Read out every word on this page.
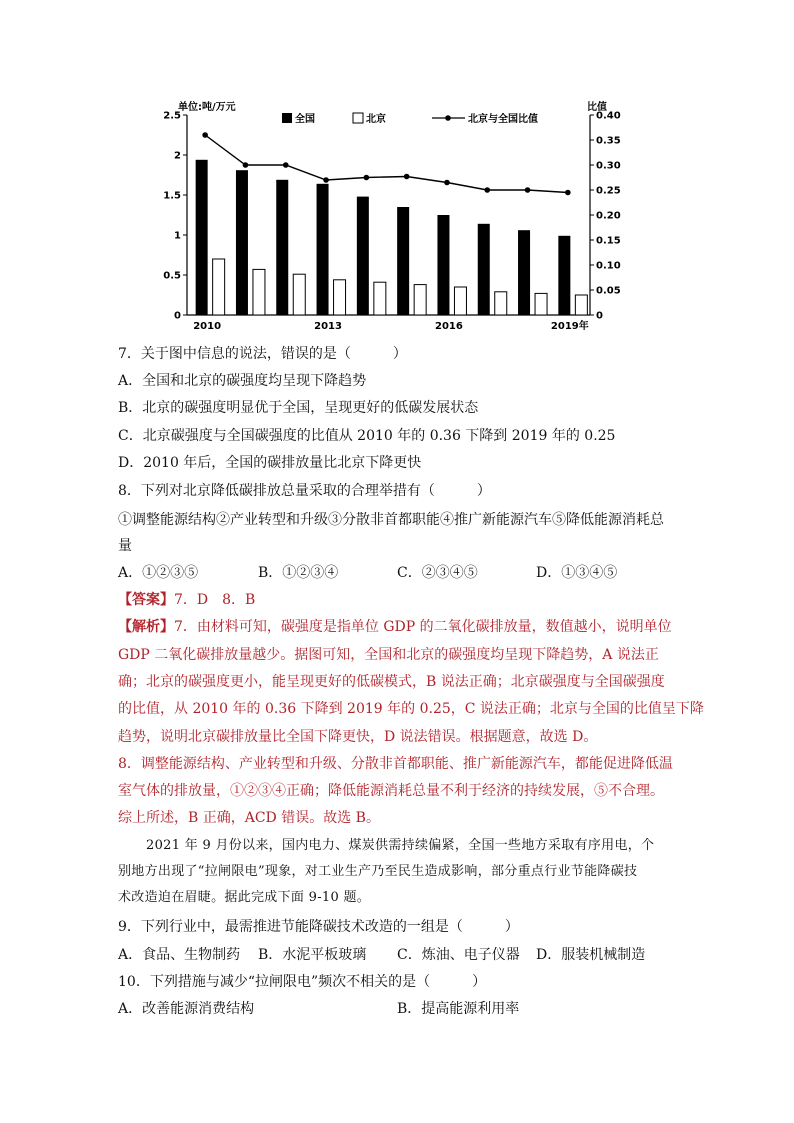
0
0.5
1
1.5
2
2.5
0
0.05
0.10
0.15
0.20
0.25
0.30
0.35
0.40
2010	2013	2016	2019年
单位:吨/万元	比值
全国	北京	北京与全国比值
7．关于图中信息的说法，错误的是（　　　）
A．全国和北京的碳强度均呈现下降趋势
B．北京的碳强度明显优于全国，呈现更好的低碳发展状态
C．北京碳强度与全国碳强度的比值从 2010 年的 0.36 下降到 2019 年的 0.25
D．2010 年后，全国的碳排放量比北京下降更快
8．下列对北京降低碳排放总量采取的合理举措有（　　　）
①调整能源结构②产业转型和升级③分散非首都职能④推广新能源汽车⑤降低能源消耗总
量
A．①②③⑤	B．①②③④	C．②③④⑤	D．①③④⑤
【答案】7．D　8．B
【解析】7．由材料可知，碳强度是指单位 GDP 的二氧化碳排放量，数值越小，说明单位
GDP 二氧化碳排放量越少。据图可知，全国和北京的碳强度均呈现下降趋势，A 说法正
确；北京的碳强度更小，能呈现更好的低碳模式，B 说法正确；北京碳强度与全国碳强度
的比值，从 2010 年的 0.36 下降到 2019 年的 0.25，C 说法正确；北京与全国的比值呈下降
趋势，说明北京碳排放量比全国下降更快，D 说法错误。根据题意，故选 D。
8．调整能源结构、产业转型和升级、分散非首都职能、推广新能源汽车，都能促进降低温
室气体的排放量，①②③④正确；降低能源消耗总量不利于经济的持续发展，⑤不合理。
综上所述，B 正确，ACD 错误。故选 B。
2021 年 9 月份以来，国内电力、煤炭供需持续偏紧，全国一些地方采取有序用电，个
别地方出现了“拉闸限电”现象，对工业生产乃至民生造成影响，部分重点行业节能降碳技
术改造迫在眉睫。据此完成下面 9-10 题。
9．下列行业中，最需推进节能降碳技术改造的一组是（　　　）
A．食品、生物制药 B．水泥平板玻璃 C．炼油、电子仪器 D．服装机械制造
10．下列措施与减少“拉闸限电”频次不相关的是（　　　）
A．改善能源消费结构	B．提高能源利用率
